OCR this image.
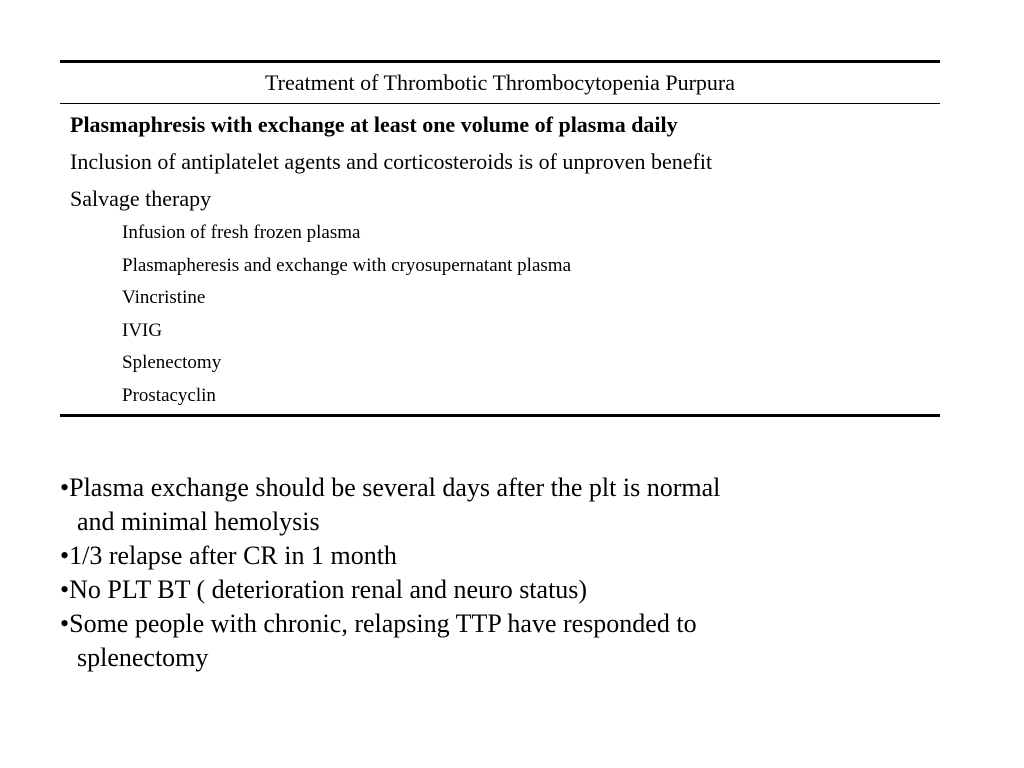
Treatment of Thrombotic Thrombocytopenia Purpura
Plasmaphresis with exchange at least one volume of plasma daily
Inclusion of antiplatelet agents and corticosteroids is of unproven benefit
Salvage therapy
Infusion of fresh frozen plasma
Plasmapheresis and exchange with cryosupernatant plasma
Vincristine
IVIG
Splenectomy
Prostacyclin
•Plasma exchange should be several days after the plt is normal
and minimal hemolysis
•1/3 relapse after CR in 1 month
•No PLT BT ( deterioration renal and neuro status)
•Some people with chronic, relapsing TTP have responded to
splenectomy
